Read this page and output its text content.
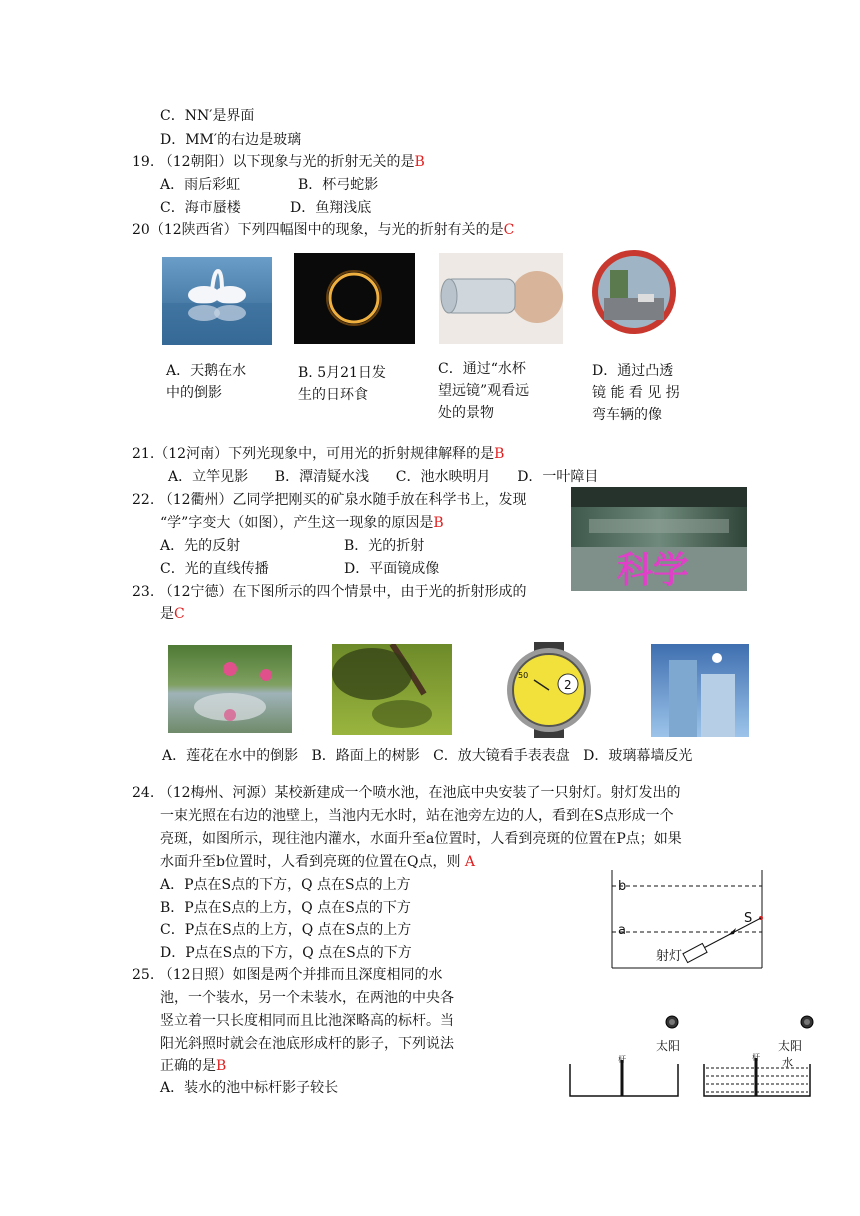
C．NN′是界面
D．MM′的右边是玻璃
19. （12朝阳）以下现象与光的折射无关的是B
A．雨后彩虹	B．杯弓蛇影
C．海市蜃楼	D．鱼翔浅底
20（12陕西省）下列四幅图中的现象，与光的折射有关的是C
A．天鹅在水
中的倒影
B. 5月21日发
生的日环食
C．通过“水杯
望远镜”观看远
处的景物
D．通过凸透
镜 能 看 见 拐
弯车辆的像
21.（12河南）下列光现象中，可用光的折射规律解释的是B
A．立竿见影      B．潭清疑水浅      C．池水映明月      D．一叶障目
22. （12衢州）乙同学把刚买的矿泉水随手放在科学书上，发现
“学”字变大（如图），产生这一现象的原因是B
A．先的反射	B．光的折射
C．光的直线传播	D．平面镜成像	科学
23. （12宁德）在下图所示的四个情景中，由于光的折射形成的
是C
2
50
A．莲花在水中的倒影   B．路面上的树影   C．放大镜看手表表盘   D．玻璃幕墙反光
24. （12梅州、河源）某校新建成一个喷水池，在池底中央安装了一只射灯。射灯发出的
一束光照在右边的池壁上，当池内无水时，站在池旁左边的人，看到在S点形成一个
亮斑，如图所示，现往池内灌水，水面升至a位置时，人看到亮斑的位置在P点；如果
水面升至b位置时，人看到亮斑的位置在Q点，则 A
A．P点在S点的下方，Q 点在S点的上方
B．P点在S点的上方，Q 点在S点的下方
C．P点在S点的上方，Q 点在S点的上方
D．P点在S点的下方，Q 点在S点的下方
b
a
S
射灯
25. （12日照）如图是两个并排而且深度相同的水
池，一个装水，另一个未装水，在两池的中央各
竖立着一只长度相同而且比池深略高的标杆。当
阳光斜照时就会在池底形成杆的影子，下列说法
正确的是B
A．装水的池中标杆影子较长
太阳	太阳
杆	杆 水
